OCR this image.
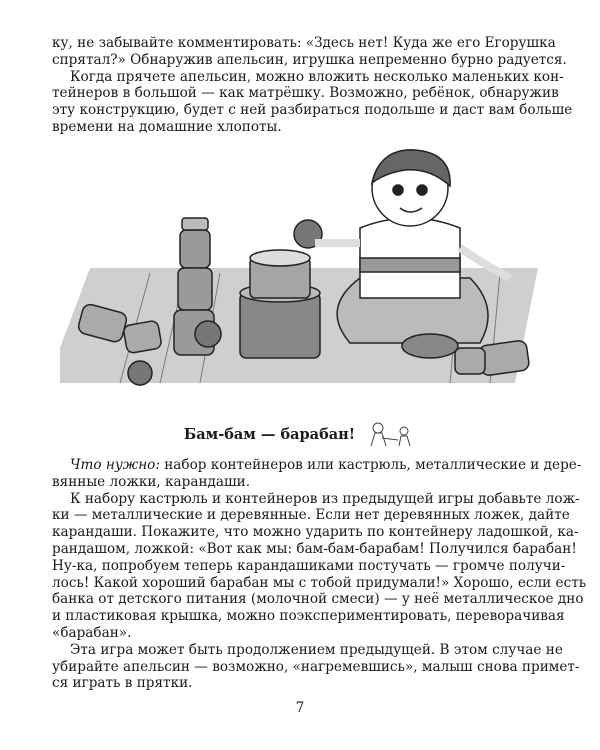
ку, не забывайте комментировать: «Здесь нет! Куда же его Егорушка
спрятал?» Обнаружив апельсин, игрушка непременно бурно радуется.
Когда прячете апельсин, можно вложить несколько маленьких кон-
тейнеров в большой — как матрёшку. Возможно, ребёнок, обнаружив
эту конструкцию, будет с ней разбираться подольше и даст вам больше
времени на домашние хлопоты.
Бам-бам — барабан!
Что нужно: набор контейнеров или кастрюль, металлические и дере-
вянные ложки, карандаши.
К набору кастрюль и контейнеров из предыдущей игры добавьте лож-
ки — металлические и деревянные. Если нет деревянных ложек, дайте
карандаши. Покажите, что можно ударить по контейнеру ладошкой, ка-
рандашом, ложкой: «Вот как мы: бам-бам-барабам! Получился барабан!
Ну-ка, попробуем теперь карандашиками постучать — громче получи-
лось! Какой хороший барабан мы с тобой придумали!» Хорошо, если есть
банка от детского питания (молочной смеси) — у неё металлическое дно
и пластиковая крышка, можно поэкспериментировать, переворачивая
«барабан».
Эта игра может быть продолжением предыдущей. В этом случае не
убирайте апельсин — возможно, «нагремевшись», малыш снова примет-
ся играть в прятки.
7
